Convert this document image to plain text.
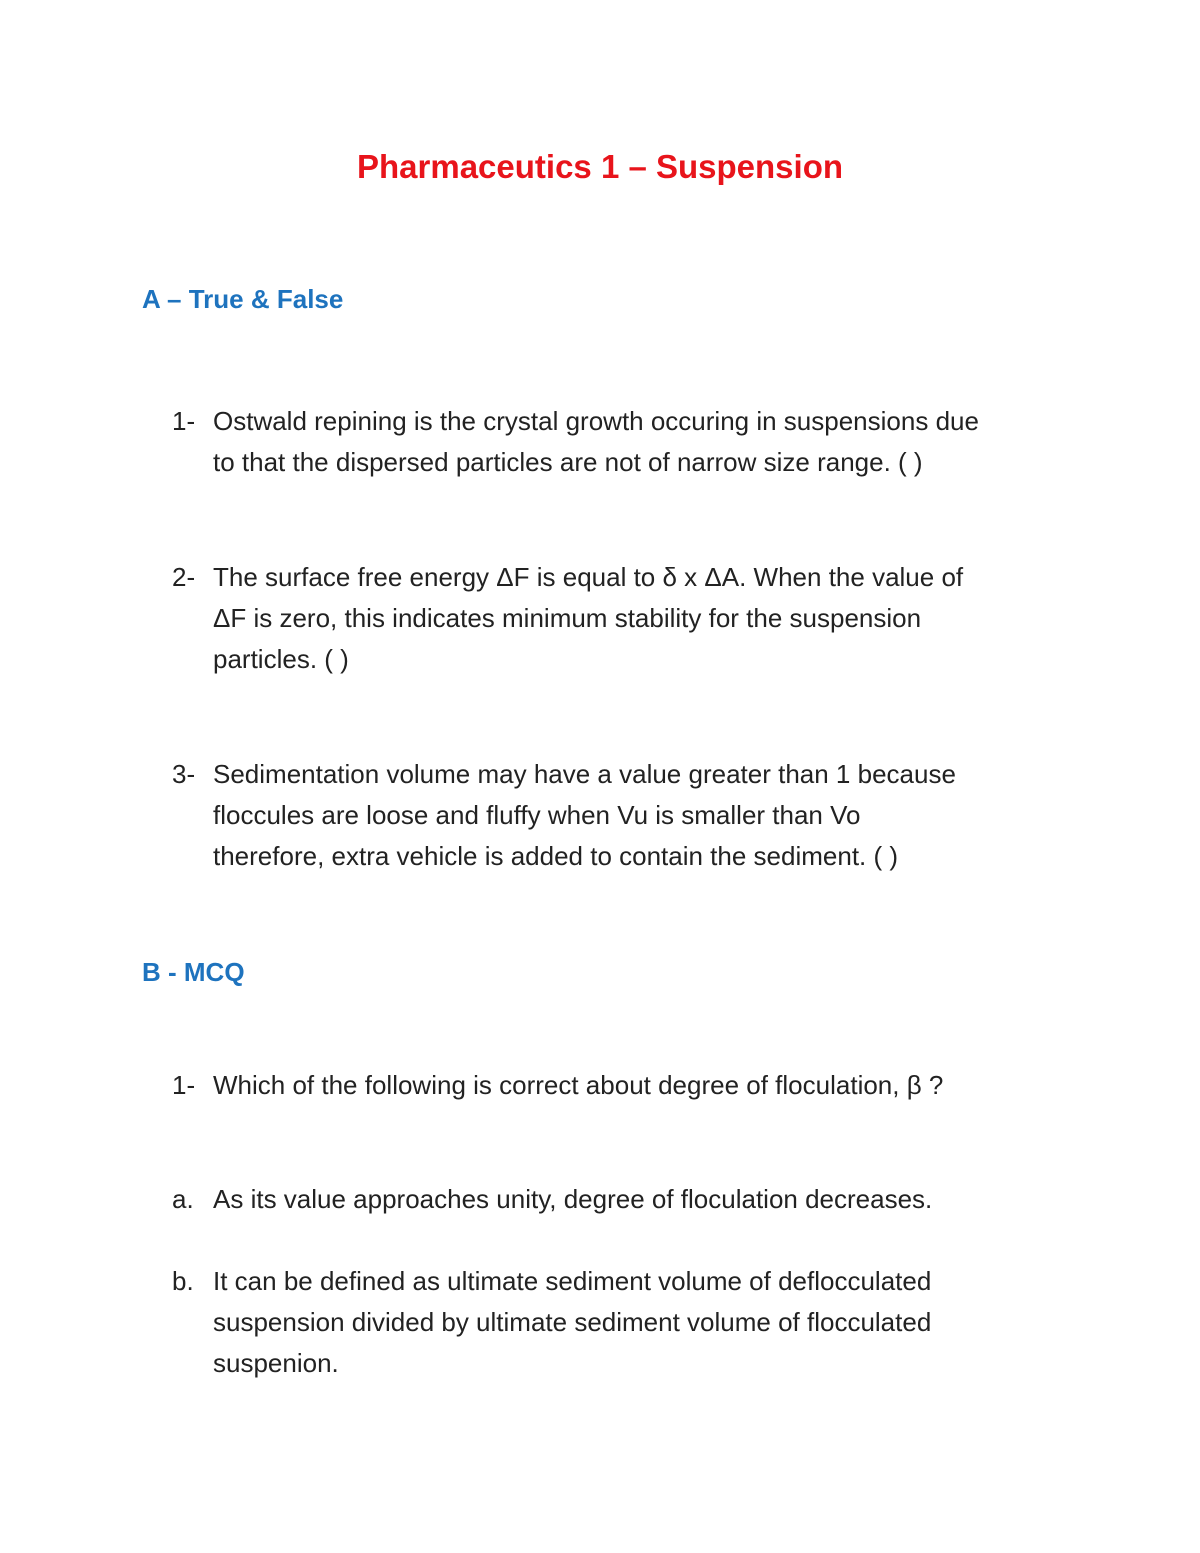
Pharmaceutics 1 – Suspension
A – True & False
1- Ostwald repining is the crystal growth occuring in suspensions due
to that the dispersed particles are not of narrow size range. ( )
2- The surface free energy ΔF is equal to δ x ΔA. When the value of
ΔF is zero, this indicates minimum stability for the suspension
particles. ( )
3- Sedimentation volume may have a value greater than 1 because
floccules are loose and fluffy when Vu is smaller than Vo
therefore, extra vehicle is added to contain the sediment. ( )
B - MCQ
1- Which of the following is correct about degree of floculation, β ?
a. As its value approaches unity, degree of floculation decreases.
b. It can be defined as ultimate sediment volume of deflocculated
suspension divided by ultimate sediment volume of flocculated
suspenion.
